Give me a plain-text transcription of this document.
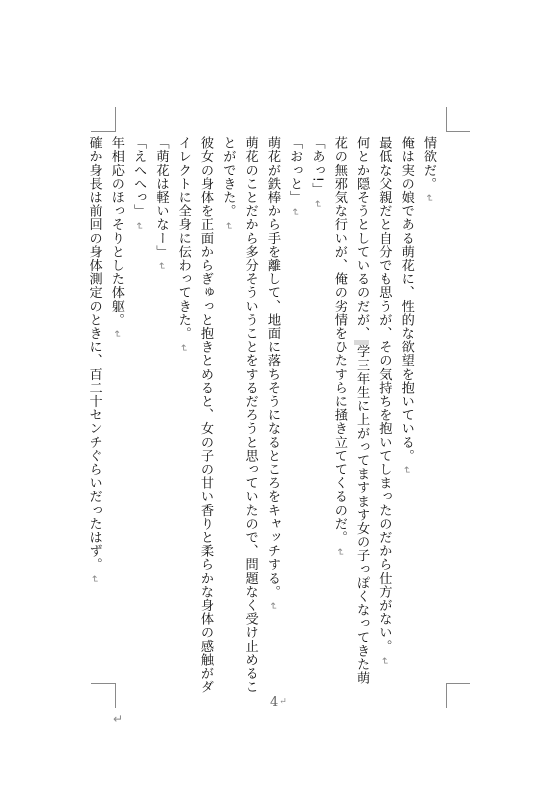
情欲だ。↵

俺は実の娘である萌花に、性的な欲望を抱いている。↵

最低な父親だと自分でも思うが、その気持ちを抱いてしまったのだから仕方がない。↵

何とか隠そうとしているのだが、 学三年生に上がってますます女の子っぽくなってきた萌花の無邪気な行いが、俺の劣情をひたすらに掻き立ててくるのだ。↵

「あっ!」↵

「おっと」↵

萌花が鉄棒から手を離して、地面に落ちそうになるところをキャッチする。↵

萌花のことだから多分そういうことをするだろうと思っていたので、問題なく受け止めることができた。↵

彼女の身体を正面からぎゅっと抱きとめると、女の子の甘い香りと柔らかな身体の感触がダイレクトに全身に伝わってきた。↵

「萌花は軽いなー」↵

「えへへっ」↵

年相応のほっそりとした体躯。↵

確か身長は前回の身体測定のときに、百二十センチぐらいだったはず。↵

4↵
↵
